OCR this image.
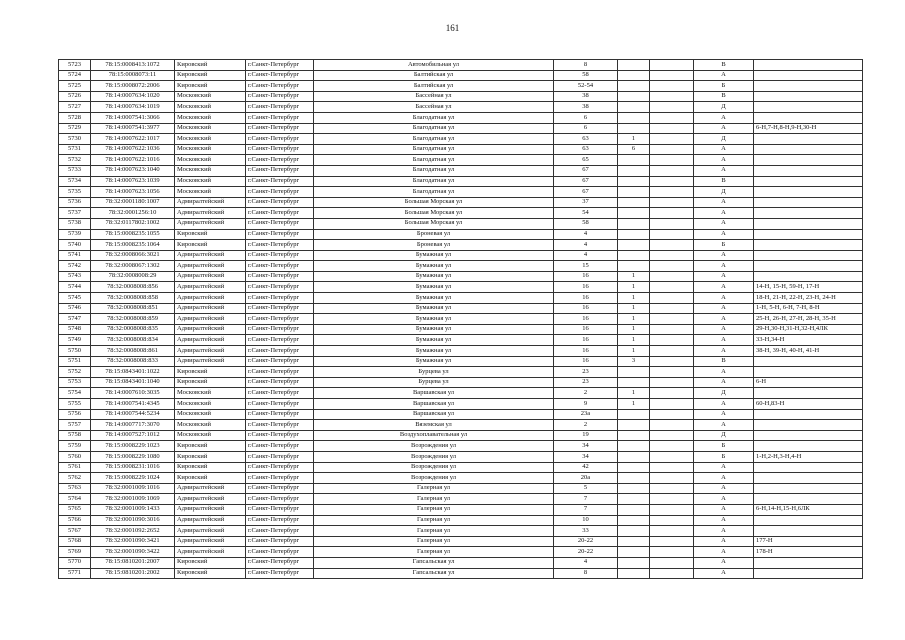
161
5723	78:15:0008413:1072	Кировский	г.Санкт-Петербург	Автомобильная ул	8			В	
5724	78:15:0008073:11	Кировский	г.Санкт-Петербург	Балтийская ул	58			А	
5725	78:15:0008072:2006	Кировский	г.Санкт-Петербург	Балтийская ул	52-54			Б	
5726	78:14:0007634:1020	Московский	г.Санкт-Петербург	Бассейная ул	38			В	
5727	78:14:0007634:1019	Московский	г.Санкт-Петербург	Бассейная ул	38			Д	
5728	78:14:0007541:3066	Московский	г.Санкт-Петербург	Благодатная ул	6			А	
5729	78:14:0007541:3977	Московский	г.Санкт-Петербург	Благодатная ул	6			А	6-Н,7-Н,8-Н,9-Н,30-Н
5730	78:14:0007622:1017	Московский	г.Санкт-Петербург	Благодатная ул	63	1		Д	
5731	78:14:0007622:1036	Московский	г.Санкт-Петербург	Благодатная ул	63	6		А	
5732	78:14:0007622:1016	Московский	г.Санкт-Петербург	Благодатная ул	65			А	
5733	78:14:0007623:1040	Московский	г.Санкт-Петербург	Благодатная ул	67			А	
5734	78:14:0007623:1039	Московский	г.Санкт-Петербург	Благодатная ул	67			В	
5735	78:14:0007623:1056	Московский	г.Санкт-Петербург	Благодатная ул	67			Д	
5736	78:32:0001180:1007	Адмиралтейский	г.Санкт-Петербург	Большая Морская ул	37			А	
5737	78:32:0001256:10	Адмиралтейский	г.Санкт-Петербург	Большая Морская ул	54			А	
5738	78:32:0117802:1002	Адмиралтейский	г.Санкт-Петербург	Большая Морская ул	58			А	
5739	78:15:0008235:1055	Кировский	г.Санкт-Петербург	Броневая ул	4			А	
5740	78:15:0008235:1064	Кировский	г.Санкт-Петербург	Броневая ул	4			Б	
5741	78:32:0008066:3021	Адмиралтейский	г.Санкт-Петербург	Бумажная ул	4			А	
5742	78:32:0008067:1302	Адмиралтейский	г.Санкт-Петербург	Бумажная ул	15			А	
5743	78:32:0008008:29	Адмиралтейский	г.Санкт-Петербург	Бумажная ул	16	1		А	
5744	78:32:0008008:856	Адмиралтейский	г.Санкт-Петербург	Бумажная ул	16	1		А	14-Н, 15-Н, 59-Н, 17-Н
5745	78:32:0008008:858	Адмиралтейский	г.Санкт-Петербург	Бумажная ул	16	1		А	18-Н, 21-Н, 22-Н, 23-Н, 24-Н
5746	78:32:0008008:851	Адмиралтейский	г.Санкт-Петербург	Бумажная ул	16	1		А	1-Н, 5-Н, 6-Н, 7-Н, 8-Н
5747	78:32:0008008:859	Адмиралтейский	г.Санкт-Петербург	Бумажная ул	16	1		А	25-Н, 26-Н, 27-Н, 28-Н, 35-Н
5748	78:32:0008008:835	Адмиралтейский	г.Санкт-Петербург	Бумажная ул	16	1		А	29-Н,30-Н,31-Н,32-Н,4ЛК
5749	78:32:0008008:834	Адмиралтейский	г.Санкт-Петербург	Бумажная ул	16	1		А	33-Н,34-Н
5750	78:32:0008008:861	Адмиралтейский	г.Санкт-Петербург	Бумажная ул	16	1		А	38-Н, 39-Н, 40-Н, 41-Н
5751	78:32:0008008:833	Адмиралтейский	г.Санкт-Петербург	Бумажная ул	16	3		В	
5752	78:15:0843401:1022	Кировский	г.Санкт-Петербург	Бурцева ул	23			А	
5753	78:15:0843401:1040	Кировский	г.Санкт-Петербург	Бурцева ул	23			А	6-Н
5754	78:14:0007610:3035	Московский	г.Санкт-Петербург	Варшавская ул	2	1		Д	
5755	78:14:0007541:4345	Московский	г.Санкт-Петербург	Варшавская ул	9	1		А	60-Н,83-Н
5756	78:14:0007544:5234	Московский	г.Санкт-Петербург	Варшавская ул	23а			А	
5757	78:14:0007717:3070	Московский	г.Санкт-Петербург	Вяземская ул	2			А	
5758	78:14:0007527:1012	Московский	г.Санкт-Петербург	Воздухоплавательная ул	19			Д	
5759	78:15:0008229:1023	Кировский	г.Санкт-Петербург	Возрождения ул	34			Б	
5760	78:15:0008229:1080	Кировский	г.Санкт-Петербург	Возрождения ул	34			Б	1-Н,2-Н,3-Н,4-Н
5761	78:15:0008231:1016	Кировский	г.Санкт-Петербург	Возрождения ул	42			А	
5762	78:15:0008229:1024	Кировский	г.Санкт-Петербург	Возрождения ул	20а			А	
5763	78:32:0001009:1016	Адмиралтейский	г.Санкт-Петербург	Галерная ул	5			А	
5764	78:32:0001009:1069	Адмиралтейский	г.Санкт-Петербург	Галерная ул	7			А	
5765	78:32:0001009:1433	Адмиралтейский	г.Санкт-Петербург	Галерная ул	7			А	6-Н,14-Н,15-Н,6ЛК
5766	78:32:0001090:3016	Адмиралтейский	г.Санкт-Петербург	Галерная ул	10			А	
5767	78:32:0001092:2652	Адмиралтейский	г.Санкт-Петербург	Галерная ул	33			А	
5768	78:32:0001090:3421	Адмиралтейский	г.Санкт-Петербург	Галерная ул	20-22			А	177-Н
5769	78:32:0001090:3422	Адмиралтейский	г.Санкт-Петербург	Галерная ул	20-22			А	178-Н
5770	78:15:0810201:2007	Кировский	г.Санкт-Петербург	Гапсальская ул	4			А	
5771	78:15:0810201:2002	Кировский	г.Санкт-Петербург	Гапсальская ул	8			А	
